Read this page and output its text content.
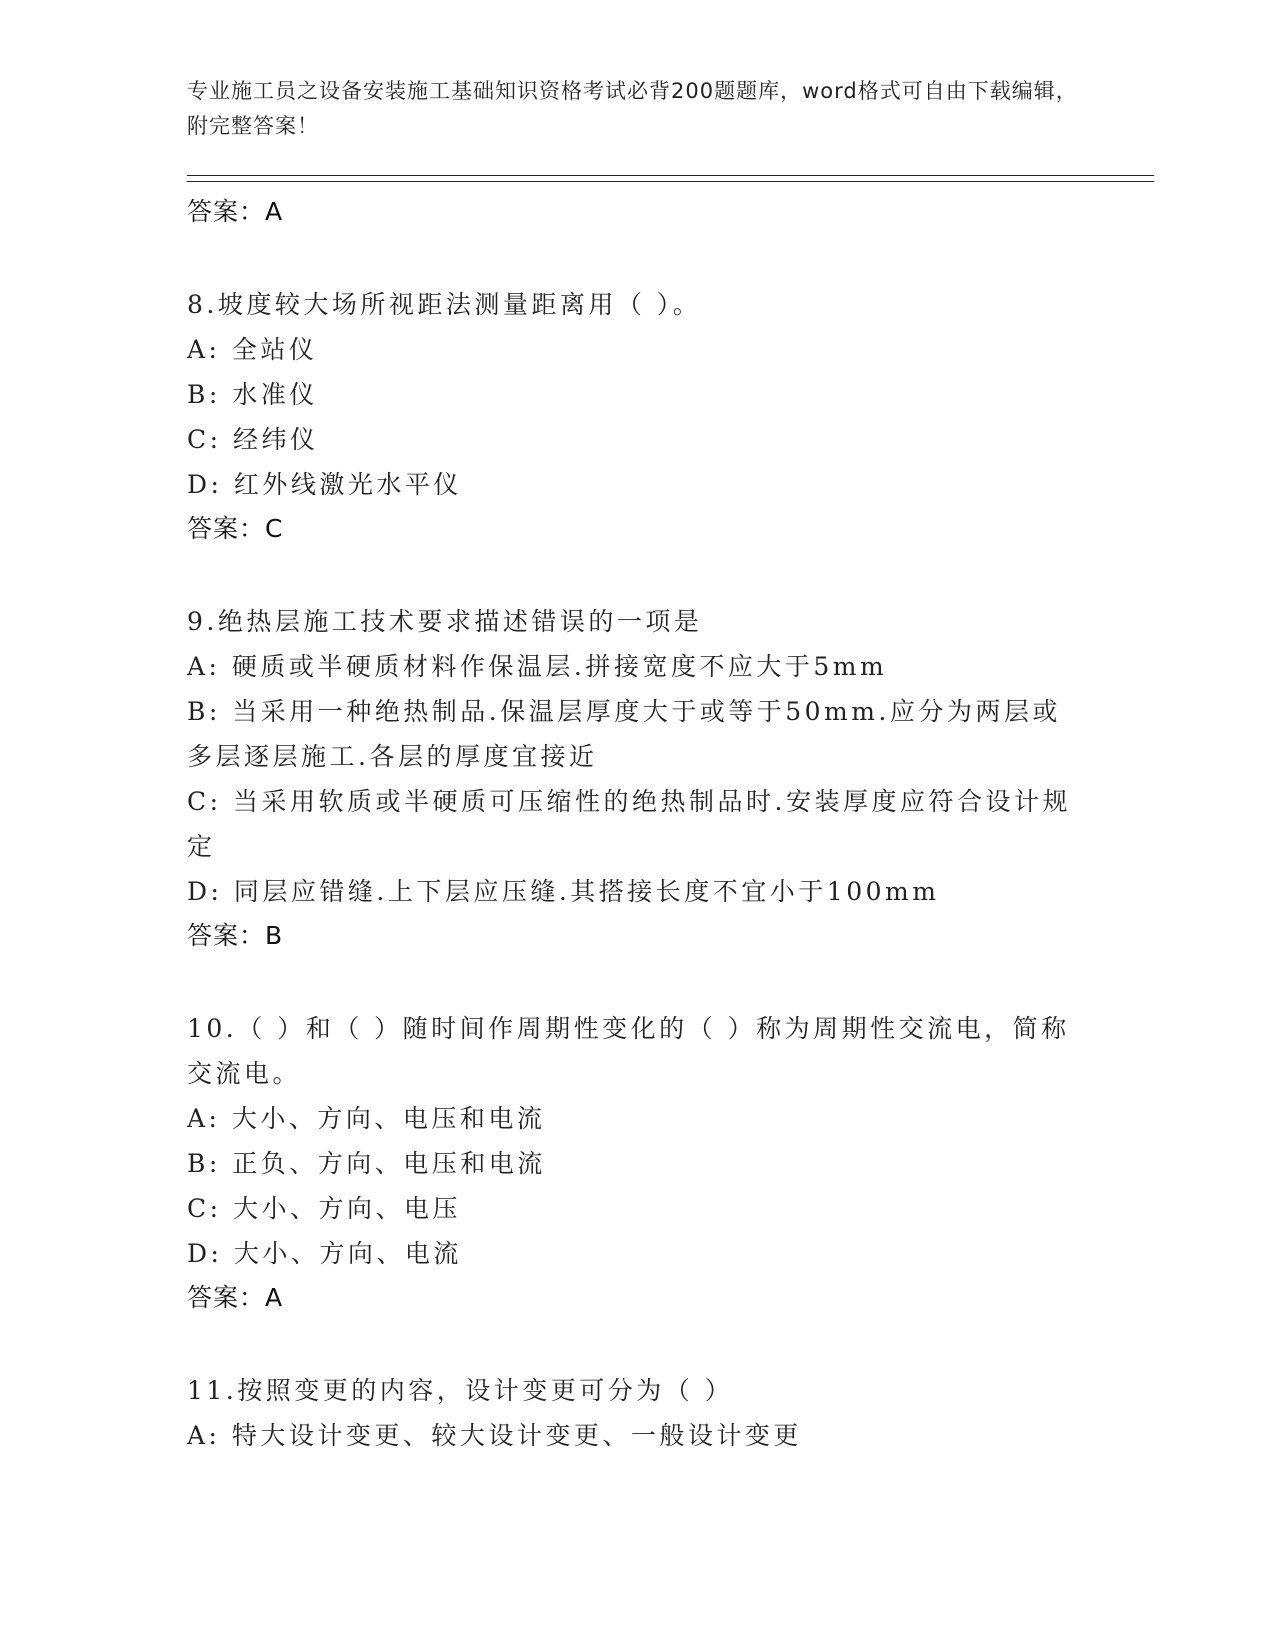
专业施工员之设备安装施工基础知识资格考试必背200题题库，word格式可自由下载编辑，附完整答案！
答案：A
8.坡度较大场所视距法测量距离用（ ）。
A: 全站仪
B: 水准仪
C: 经纬仪
D: 红外线激光水平仪
答案：C
9.绝热层施工技术要求描述错误的一项是
A: 硬质或半硬质材料作保温层.拼接宽度不应大于5mm
B: 当采用一种绝热制品.保温层厚度大于或等于50mm.应分为两层或多层逐层施工.各层的厚度宜接近
C: 当采用软质或半硬质可压缩性的绝热制品时.安装厚度应符合设计规定
D: 同层应错缝.上下层应压缝.其搭接长度不宜小于100mm
答案：B
10.（ ）和（ ）随时间作周期性变化的（ ）称为周期性交流电，简称交流电。
A: 大小、方向、电压和电流
B: 正负、方向、电压和电流
C: 大小、方向、电压
D: 大小、方向、电流
答案：A
11.按照变更的内容，设计变更可分为（ ）
A: 特大设计变更、较大设计变更、一般设计变更
